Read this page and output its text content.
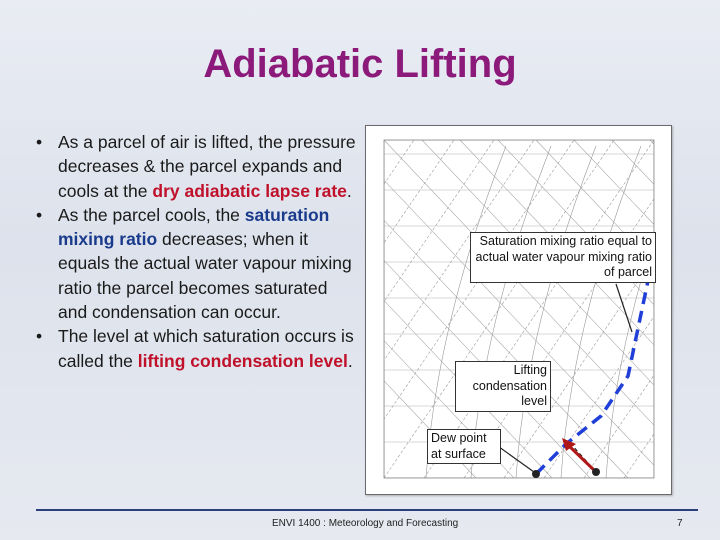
Adiabatic Lifting
• As a parcel of air is lifted, the pressure decreases & the parcel expands and cools at the dry adiabatic lapse rate.
• As the parcel cools, the saturation mixing ratio decreases; when it equals the actual water vapour mixing ratio the parcel becomes saturated and condensation can occur.
• The level at which saturation occurs is called the lifting condensation level.
Saturation mixing ratio equal to actual water vapour mixing ratio of parcel
Lifting condensation level
Dew point at surface
ENVI 1400 : Meteorology and Forecasting	7
